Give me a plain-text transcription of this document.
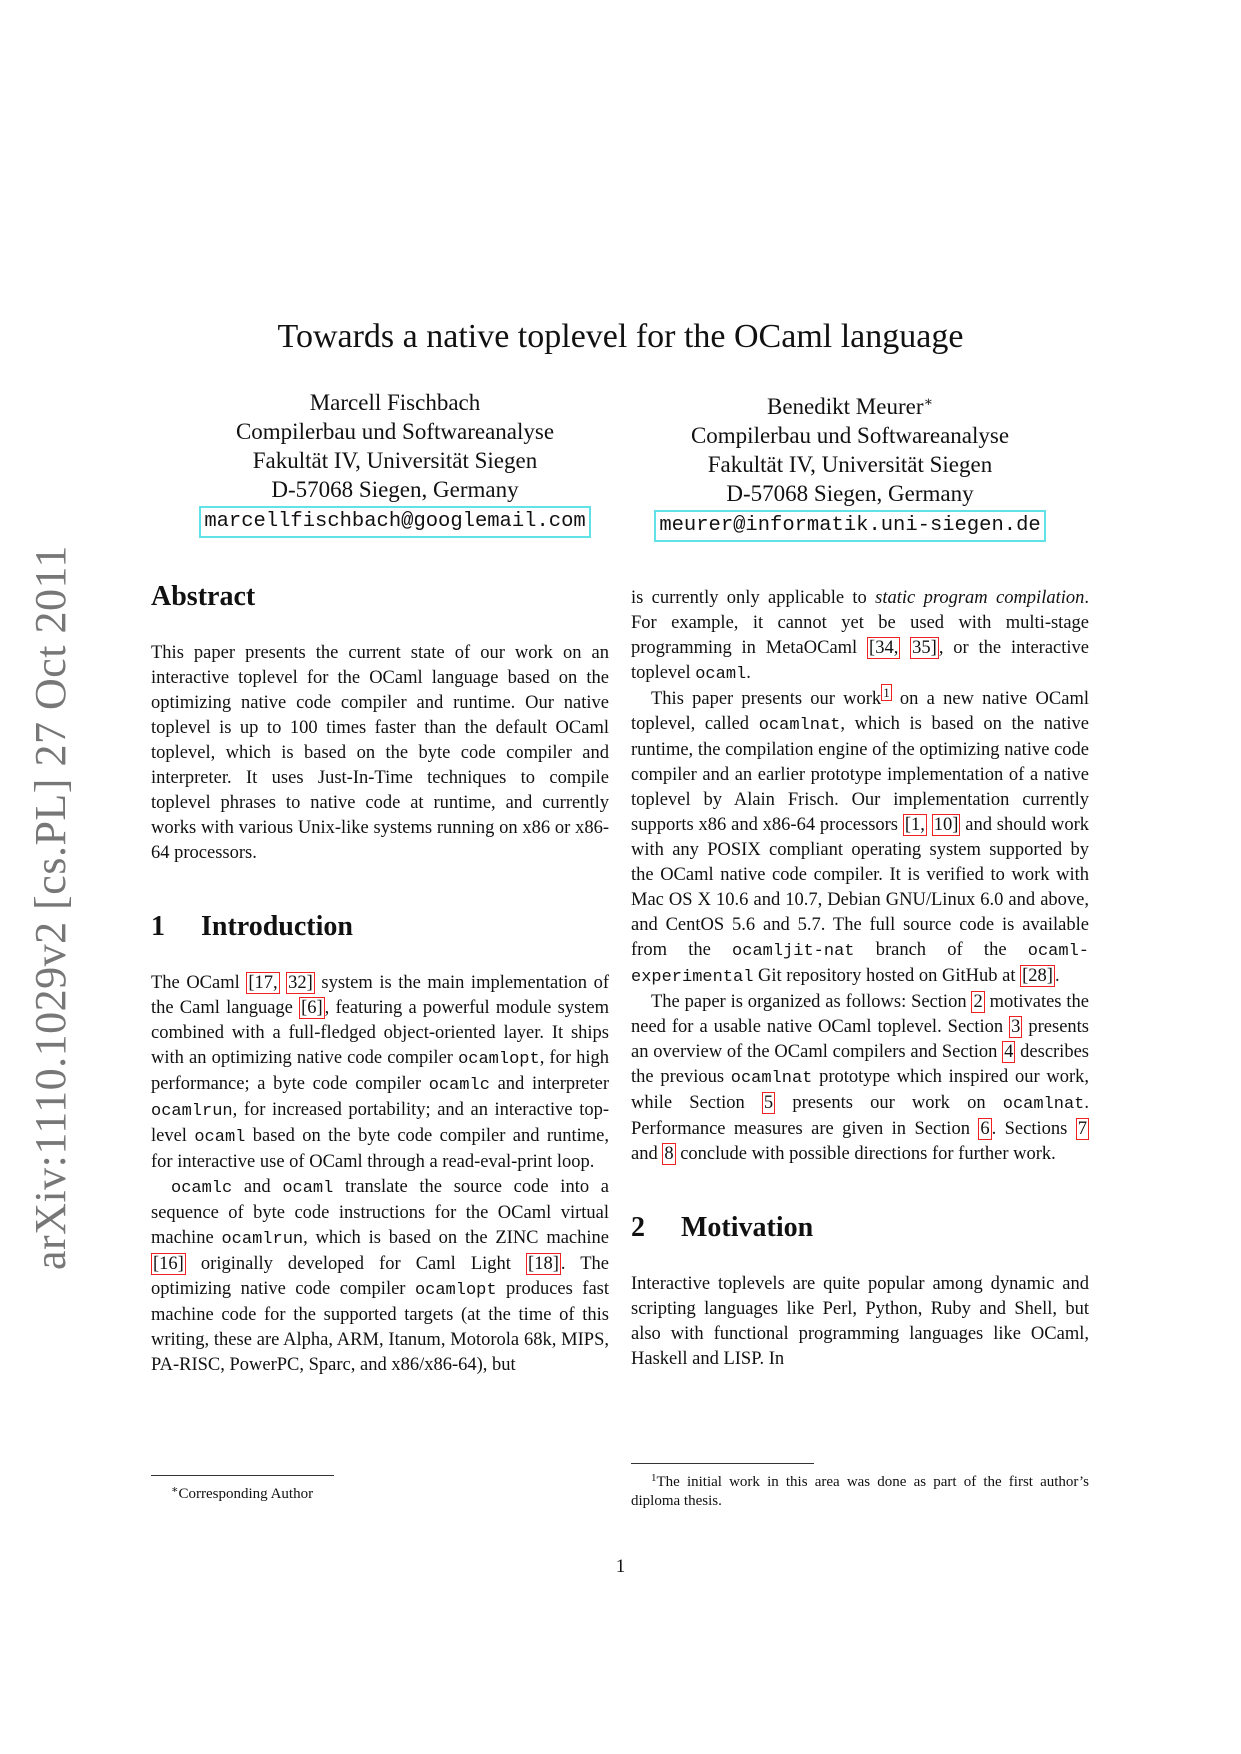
arXiv:1110.1029v2 [cs.PL] 27 Oct 2011
Towards a native toplevel for the OCaml language
Marcell Fischbach
Compilerbau und Softwareanalyse
Fakultät IV, Universität Siegen
D-57068 Siegen, Germany
marcellfischbach@googlemail.com
Benedikt Meurer∗
Compilerbau und Softwareanalyse
Fakultät IV, Universität Siegen
D-57068 Siegen, Germany
meurer@informatik.uni-siegen.de
Abstract

This paper presents the current state of our work on an interactive toplevel for the OCaml language based on the optimizing native code compiler and runtime. Our native toplevel is up to 100 times faster than the default OCaml toplevel, which is based on the byte code compiler and interpreter. It uses Just-In-Time techniques to compile toplevel phrases to native code at runtime, and currently works with various Unix-like systems running on x86 or x86-64 processors.

1 Introduction

The OCaml [17, 32] system is the main implementation of the Caml language [6] , featuring a powerful module system combined with a full-fledged object-oriented layer. It ships with an optimizing native code compiler ocamlopt, for high performance; a byte code compiler ocamlc and interpreter ocamlrun, for increased portability; and an interactive top-level ocaml based on the byte code compiler and runtime, for interactive use of OCaml through a read-eval-print loop.

ocamlc and ocaml translate the source code into a sequence of byte code instructions for the OCaml virtual machine ocamlrun, which is based on the ZINC machine [16] originally developed for Caml Light [18] . The optimizing native code compiler ocamlopt produces fast machine code for the supported targets (at the time of this writing, these are Alpha, ARM, Itanum, Motorola 68k, MIPS, PA-RISC, PowerPC, Sparc, and x86/x86-64), but

∗Corresponding Author

is currently only applicable to static program compilation. For example, it cannot yet be used with multi-stage programming in MetaOCaml [34, 35] , or the interactive toplevel ocaml.

This paper presents our work $^1$ on a new native OCaml toplevel, called ocamlnat, which is based on the native runtime, the compilation engine of the optimizing native code compiler and an earlier prototype implementation of a native toplevel by Alain Frisch. Our implementation currently supports x86 and x86-64 processors [1, 10] and should work with any POSIX compliant operating system supported by the OCaml native code compiler. It is verified to work with Mac OS X 10.6 and 10.7, Debian GNU/Linux 6.0 and above, and CentOS 5.6 and 5.7. The full source code is available from the ocamljit-nat branch of the ocaml-experimental Git repository hosted on GitHub at [28] .

The paper is organized as follows: Section 2 motivates the need for a usable native OCaml toplevel. Section 3 presents an overview of the OCaml compilers and Section 4 describes the previous ocamlnat prototype which inspired our work, while Section 5 presents our work on ocamlnat. Performance measures are given in Section 6 . Sections 7 and 8 conclude with possible directions for further work.

2 Motivation

Interactive toplevels are quite popular among dynamic and scripting languages like Perl, Python, Ruby and Shell, but also with functional programming languages like OCaml, Haskell and LISP. In

$^1$The initial work in this area was done as part of the first author’s diploma thesis.
1
